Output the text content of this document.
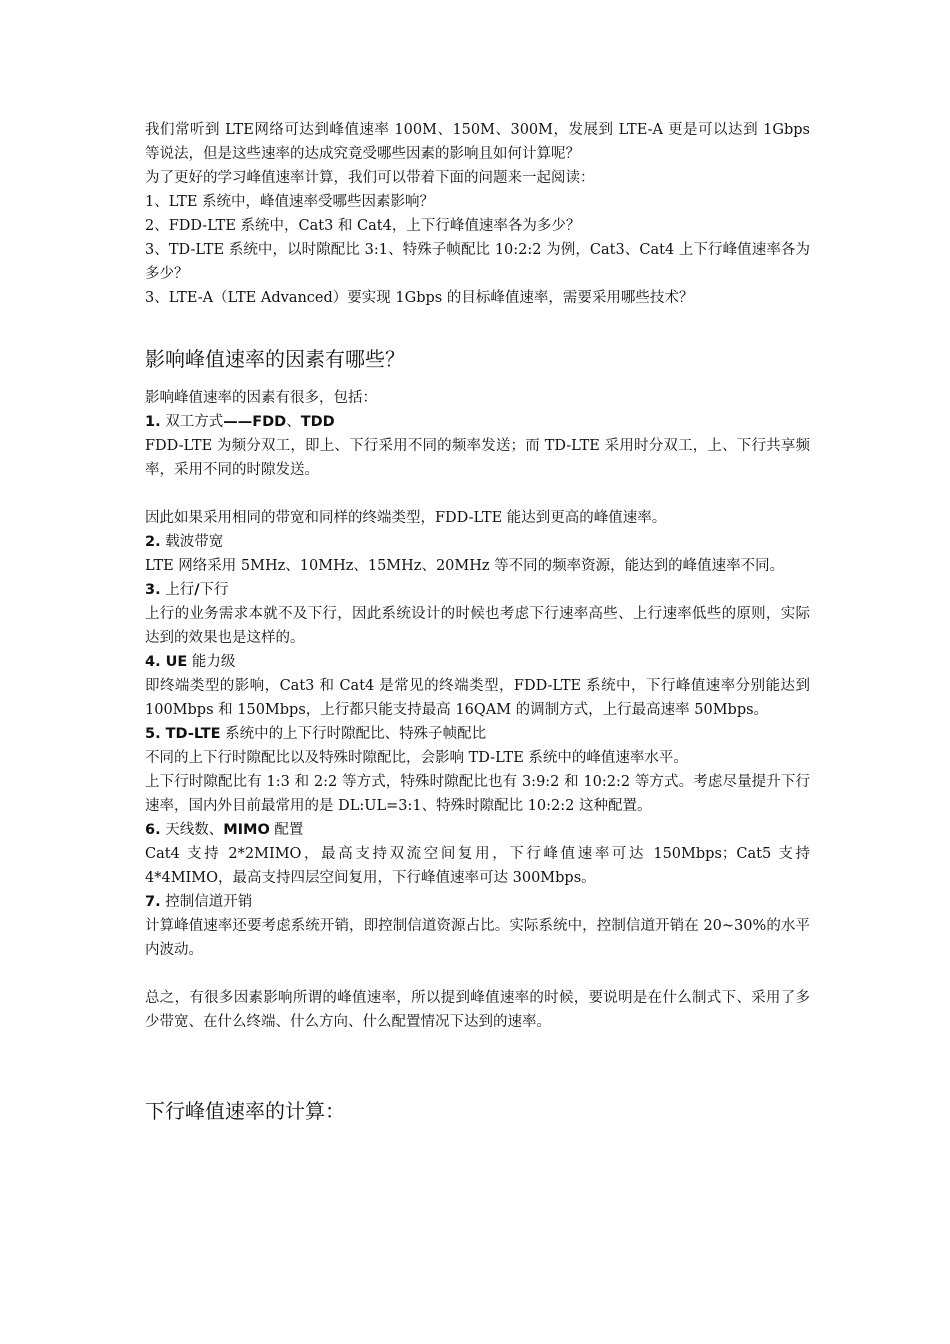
我们常听到 LTE网络可达到峰值速率 100M、150M、300M，发展到 LTE-A 更是可以达到 1Gbps 等说法，但是这些速率的达成究竟受哪些因素的影响且如何计算呢？

为了更好的学习峰值速率计算，我们可以带着下面的问题来一起阅读：

1、LTE 系统中，峰值速率受哪些因素影响？

2、FDD-LTE 系统中，Cat3 和 Cat4，上下行峰值速率各为多少？

3、TD-LTE 系统中，以时隙配比 3:1、特殊子帧配比 10:2:2 为例，Cat3、Cat4 上下行峰值速率各为多少？

3、LTE-A（LTE Advanced）要实现 1Gbps 的目标峰值速率，需要采用哪些技术？

影响峰值速率的因素有哪些？

影响峰值速率的因素有很多，包括：

1. 双工方式——FDD、TDD

FDD-LTE 为频分双工，即上、下行采用不同的频率发送；而 TD-LTE 采用时分双工，上、下行共享频率，采用不同的时隙发送。

因此如果采用相同的带宽和同样的终端类型，FDD-LTE 能达到更高的峰值速率。

2. 载波带宽

LTE 网络采用 5MHz、10MHz、15MHz、20MHz 等不同的频率资源，能达到的峰值速率不同。

3. 上行/下行

上行的业务需求本就不及下行，因此系统设计的时候也考虑下行速率高些、上行速率低些的原则，实际达到的效果也是这样的。

4. UE 能力级

即终端类型的影响，Cat3 和 Cat4 是常见的终端类型，FDD-LTE 系统中，下行峰值速率分别能达到 100Mbps 和 150Mbps，上行都只能支持最高 16QAM 的调制方式，上行最高速率 50Mbps。

5. TD-LTE 系统中的上下行时隙配比、特殊子帧配比

不同的上下行时隙配比以及特殊时隙配比，会影响 TD-LTE 系统中的峰值速率水平。

上下行时隙配比有 1:3 和 2:2 等方式，特殊时隙配比也有 3:9:2 和 10:2:2 等方式。考虑尽量提升下行速率，国内外目前最常用的是 DL:UL=3:1、特殊时隙配比 10:2:2 这种配置。

6. 天线数、MIMO 配置

Cat4 支持 2*2MIMO，最高支持双流空间复用，下行峰值速率可达 150Mbps；Cat5 支持 4*4MIMO，最高支持四层空间复用，下行峰值速率可达 300Mbps。

7. 控制信道开销

计算峰值速率还要考虑系统开销，即控制信道资源占比。实际系统中，控制信道开销在 20~30%的水平内波动。

总之，有很多因素影响所谓的峰值速率，所以提到峰值速率的时候，要说明是在什么制式下、采用了多少带宽、在什么终端、什么方向、什么配置情况下达到的速率。

下行峰值速率的计算：
